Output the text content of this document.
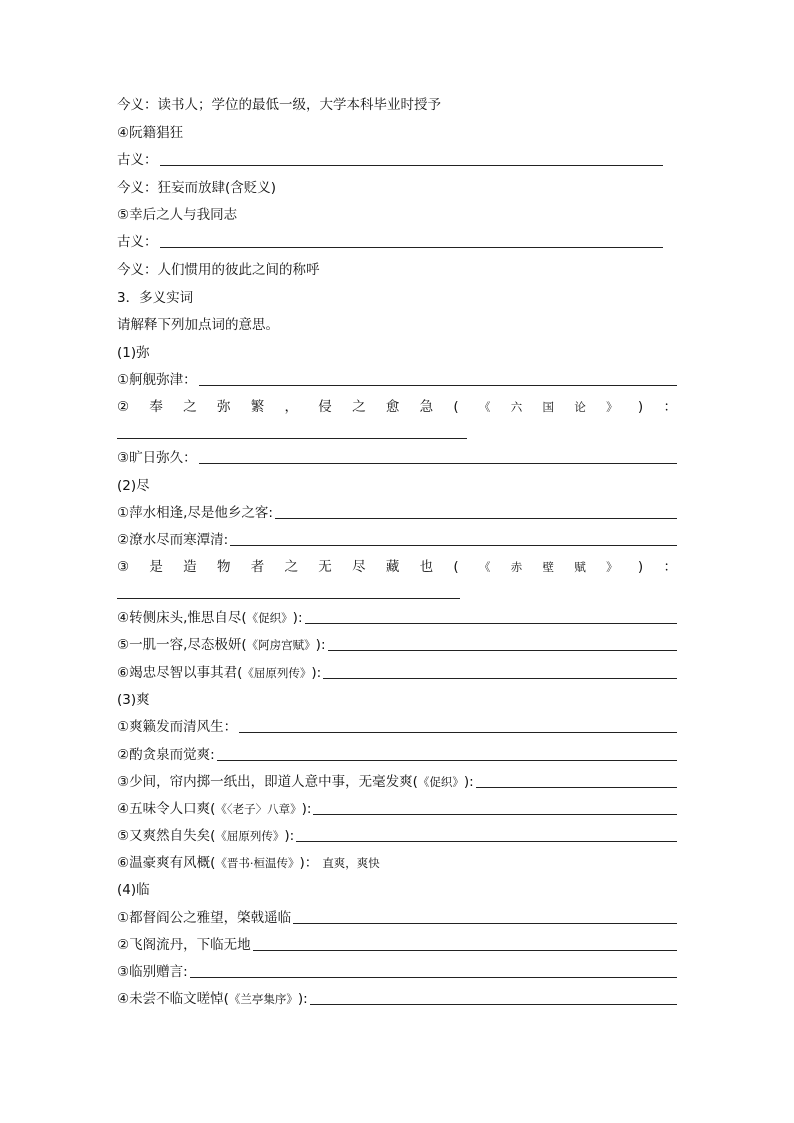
今义：读书人；学位的最低一级，大学本科毕业时授予
④阮籍猖狂
古义：
今义：狂妄而放肆(含贬义)
⑤幸后之人与我同志
古义：
今义：人们惯用的彼此之间的称呼
3．多义实词
请解释下列加点词的意思。
(1)弥
①舸舰弥津：
② 奉 之 弥 繁 ， 侵 之 愈 急 ( 《 六 国 论 》 ) ：
③旷日弥久：
(2)尽
①萍水相逢,尽是他乡之客:
②潦水尽而寒潭清:
③ 是 造 物 者 之 无 尽 藏 也 ( 《 赤 壁 赋 》 ) ：
④转侧床头,惟思自尽( 《促织》 ):
⑤一肌一容,尽态极妍( 《阿房宫赋》 ):
⑥竭忠尽智以事其君( 《屈原列传》 ):
(3)爽
①爽籁发而清风生：
②酌贪泉而觉爽:
③少间，帘内掷一纸出，即道人意中事，无毫发爽( 《促织》 ):
④五味令人口爽( 《〈老子〉八章》 ):
⑤又爽然自失矣( 《屈原列传》 ):
⑥温豪爽有风概( 《晋书·桓温传》 )： 直爽，爽快
(4)临
①都督阎公之雅望，棨戟遥临
②飞阁流丹，下临无地
③临别赠言:
④未尝不临文嗟悼( 《兰亭集序》 ):
